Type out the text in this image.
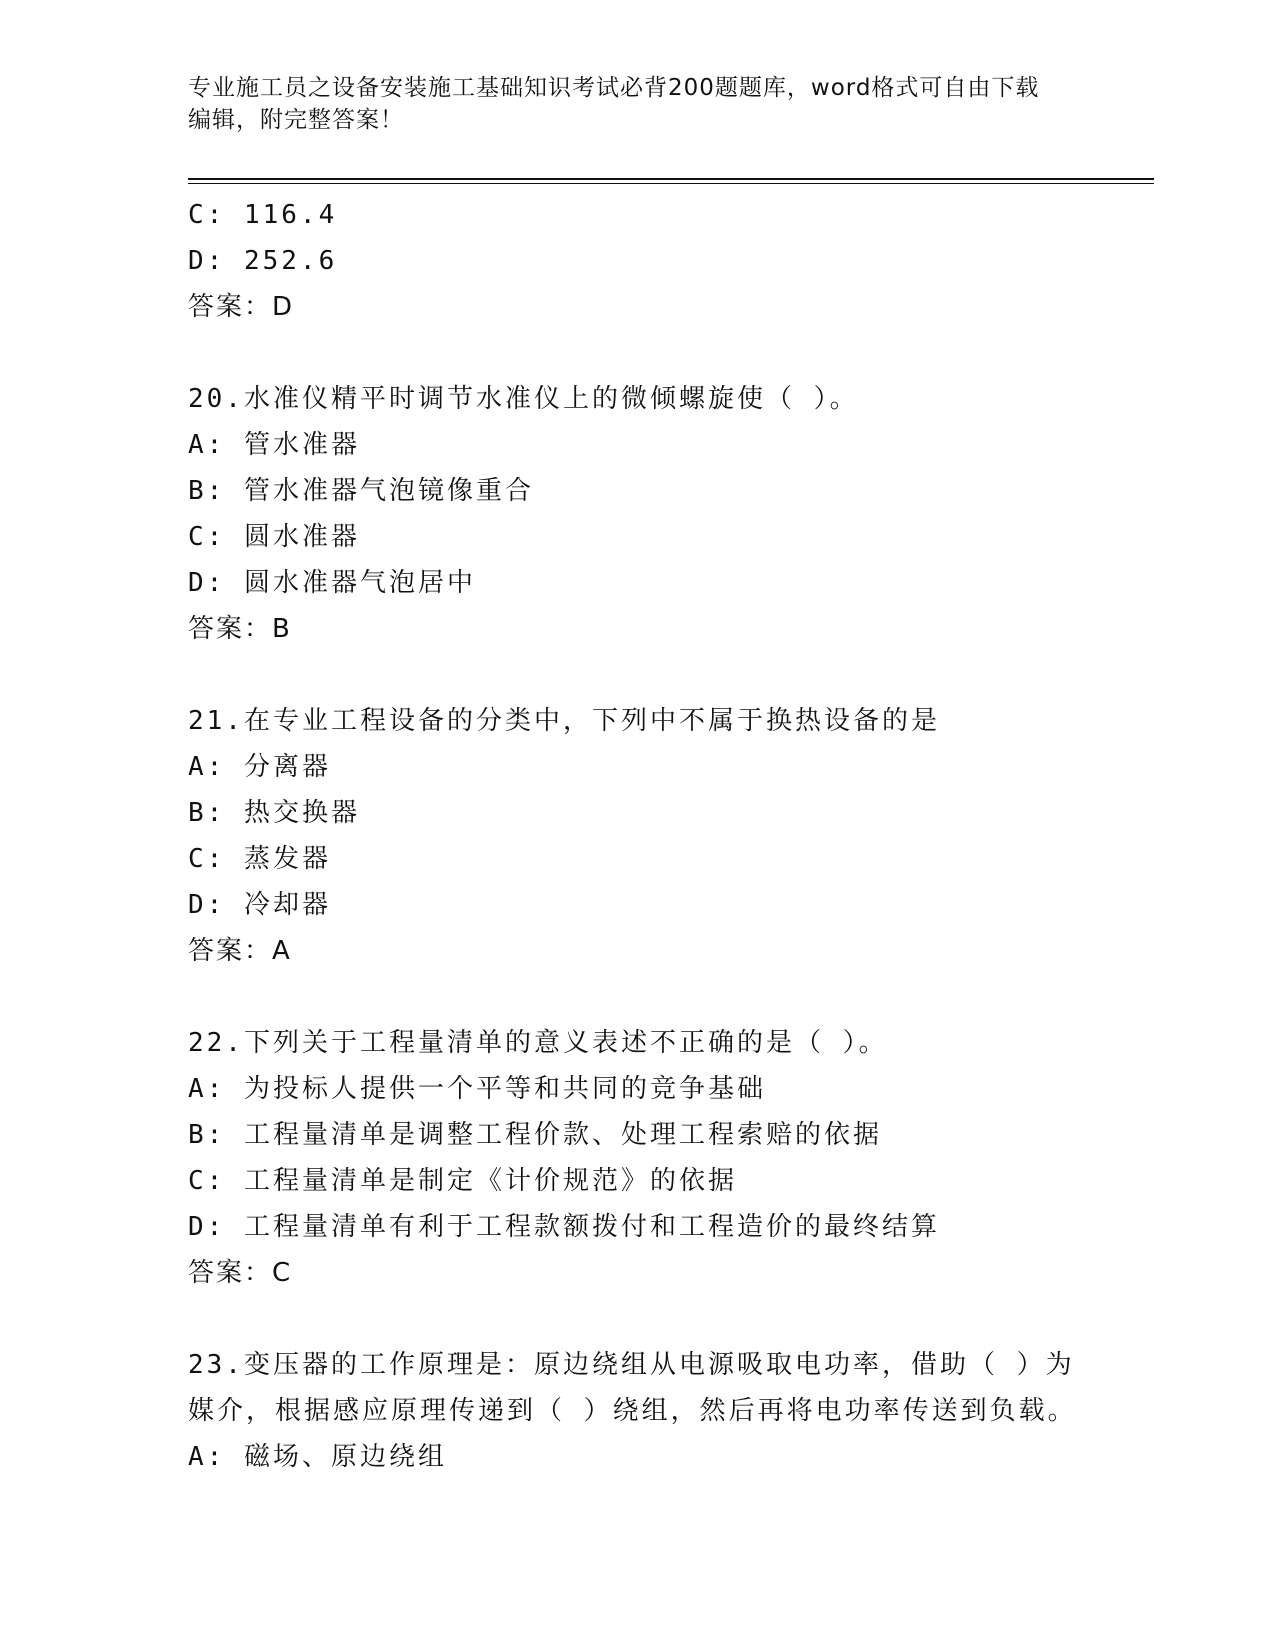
专业施工员之设备安装施工基础知识考试必背200题题库，word格式可自由下载
编辑，附完整答案！
C: 116.4
D: 252.6
答案：D
20.水准仪精平时调节水准仪上的微倾螺旋使（ ）。
A: 管水准器
B: 管水准器气泡镜像重合
C: 圆水准器
D: 圆水准器气泡居中
答案：B
21.在专业工程设备的分类中，下列中不属于换热设备的是
A: 分离器
B: 热交换器
C: 蒸发器
D: 冷却器
答案：A
22.下列关于工程量清单的意义表述不正确的是（ ）。
A: 为投标人提供一个平等和共同的竞争基础
B: 工程量清单是调整工程价款、处理工程索赔的依据
C: 工程量清单是制定《计价规范》的依据
D: 工程量清单有利于工程款额拨付和工程造价的最终结算
答案：C
23.变压器的工作原理是：原边绕组从电源吸取电功率，借助（ ）为
媒介，根据感应原理传递到（ ）绕组，然后再将电功率传送到负载。
A: 磁场、原边绕组
